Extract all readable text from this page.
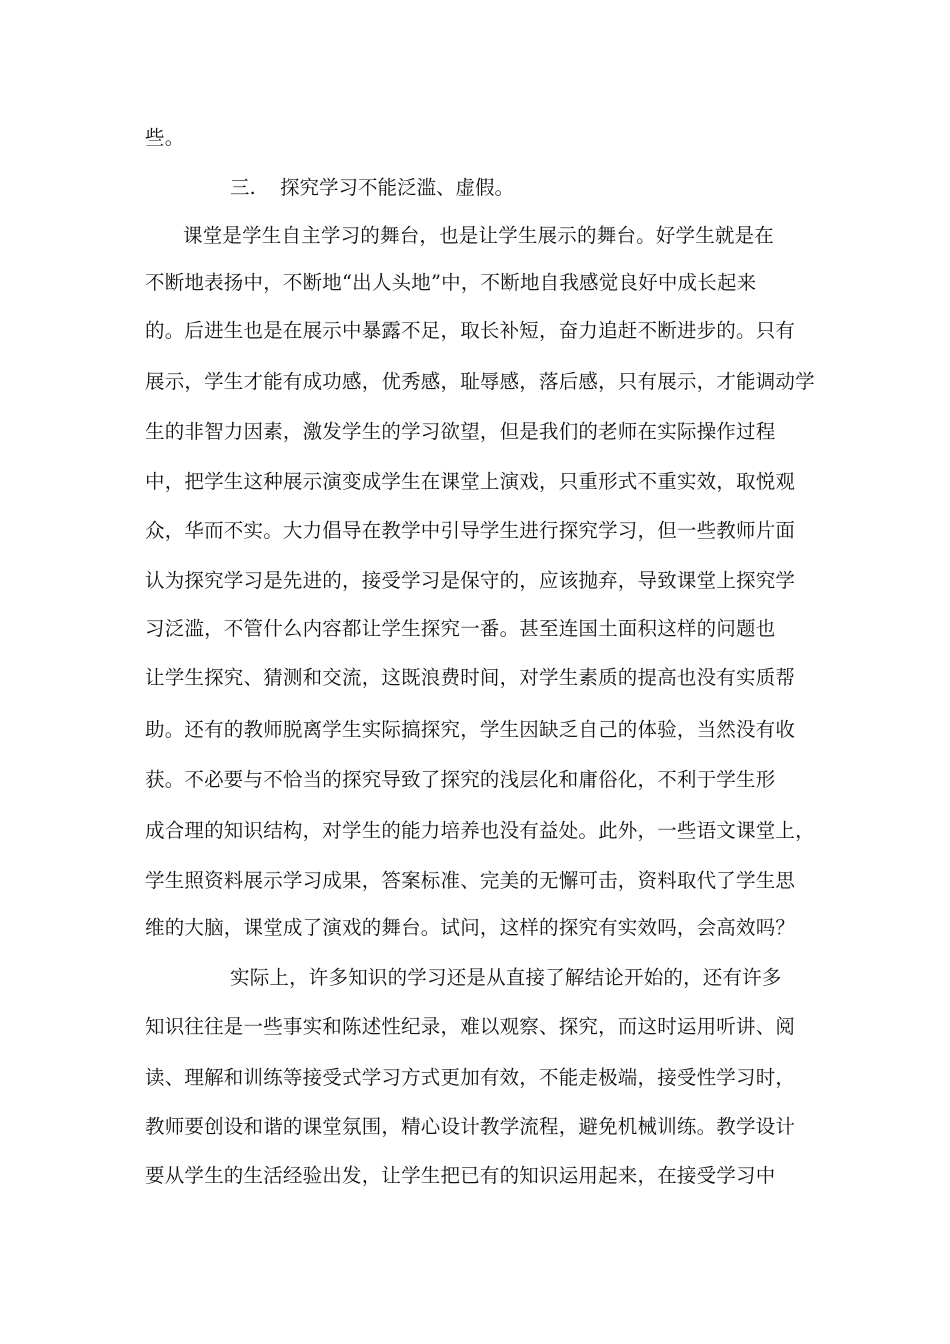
些。
三. 探究学习不能泛滥、虚假。
课堂是学生自主学习的舞台，也是让学生展示的舞台。好学生就是在
不断地表扬中，不断地“出人头地”中，不断地自我感觉良好中成长起来
的。后进生也是在展示中暴露不足，取长补短，奋力追赶不断进步的。只有
展示，学生才能有成功感，优秀感，耻辱感，落后感，只有展示，才能调动学
生的非智力因素，激发学生的学习欲望，但是我们的老师在实际操作过程
中，把学生这种展示演变成学生在课堂上演戏，只重形式不重实效，取悦观
众，华而不实。大力倡导在教学中引导学生进行探究学习，但一些教师片面
认为探究学习是先进的，接受学习是保守的，应该抛弃，导致课堂上探究学
习泛滥，不管什么内容都让学生探究一番。甚至连国土面积这样的问题也
让学生探究、猜测和交流，这既浪费时间，对学生素质的提高也没有实质帮
助。还有的教师脱离学生实际搞探究，学生因缺乏自己的体验，当然没有收
获。不必要与不恰当的探究导致了探究的浅层化和庸俗化，不利于学生形
成合理的知识结构，对学生的能力培养也没有益处。此外，一些语文课堂上，
学生照资料展示学习成果，答案标准、完美的无懈可击，资料取代了学生思
维的大脑，课堂成了演戏的舞台。试问，这样的探究有实效吗，会高效吗？
实际上，许多知识的学习还是从直接了解结论开始的，还有许多
知识往往是一些事实和陈述性纪录，难以观察、探究，而这时运用听讲、阅
读、理解和训练等接受式学习方式更加有效，不能走极端，接受性学习时，
教师要创设和谐的课堂氛围，精心设计教学流程，避免机械训练。教学设计
要从学生的生活经验出发，让学生把已有的知识运用起来，在接受学习中
